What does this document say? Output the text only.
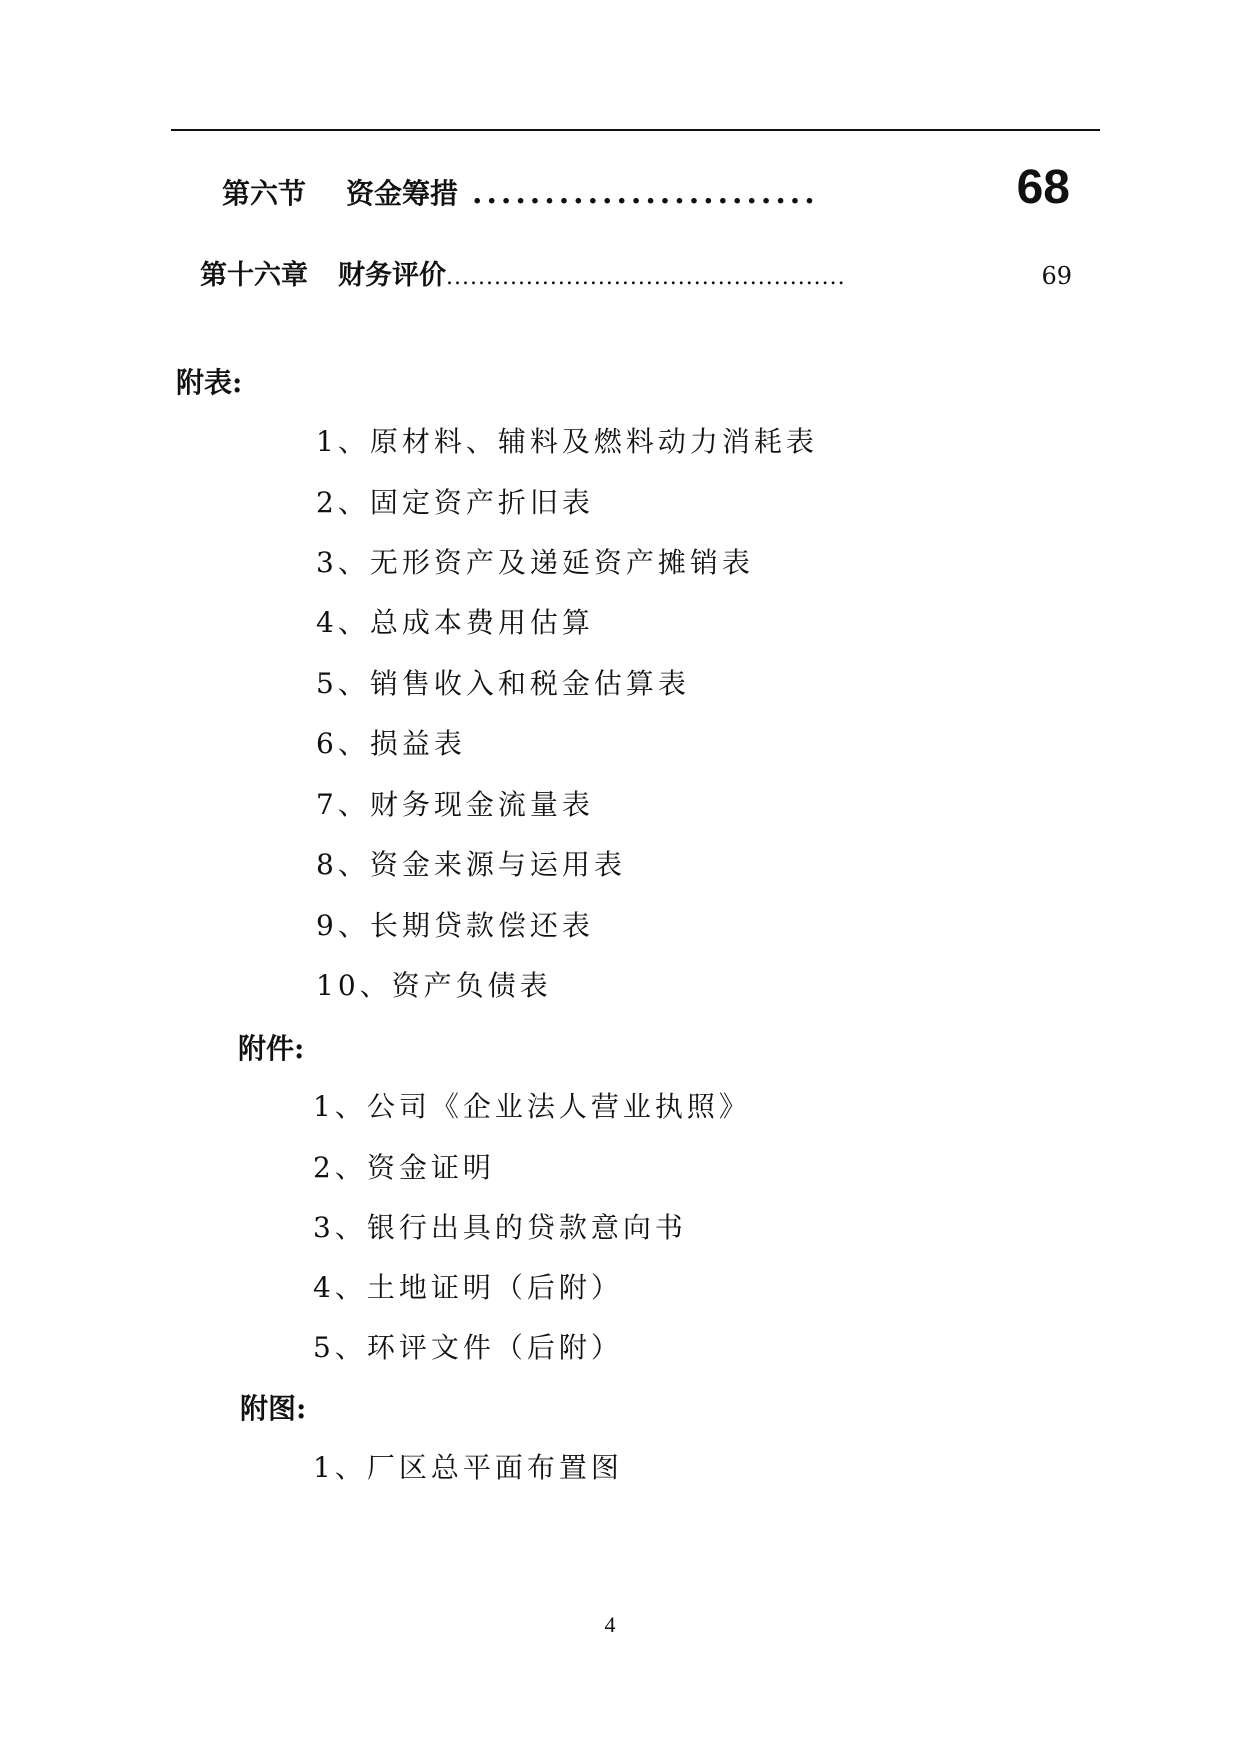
第六节 资金筹措 ........................	68
第十六章 财务评价 ..................................................	69
附表:
1、原材料、辅料及燃料动力消耗表
2、固定资产折旧表
3、无形资产及递延资产摊销表
4、总成本费用估算
5、销售收入和税金估算表
6、损益表
7、财务现金流量表
8、资金来源与运用表
9、长期贷款偿还表
10、资产负债表
附件:
1、公司《企业法人营业执照》
2、资金证明
3、银行出具的贷款意向书
4、土地证明（后附）
5、环评文件（后附）
附图:
1、厂区总平面布置图
4
